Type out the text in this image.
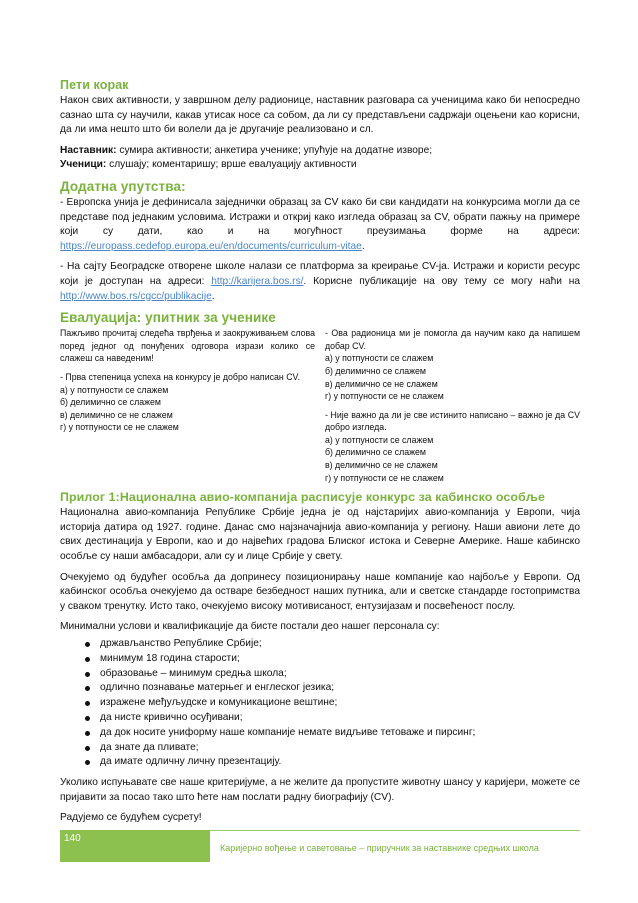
Пети корак

Након свих активности, у завршном делу радионице, наставник разговара са ученицима како би непосредно сазнао шта су научили, какав утисак носе са собом, да ли су представљени садржаји оцењени као корисни, да ли има нешто што би волели да је другачије реализовано и сл.

Наставник: сумира активности; анкетира ученике; упућује на додатне изворе;

Ученици: слушају; коментаришу; врше евалуацију активности

Додатна упутства:

- Европска унија је дефинисала заједнички образац за CV како би сви кандидати на конкурсима могли да се представе под једнаким условима. Истражи и откриј како изгледа образац за CV, обрати пажњу на примере који су дати, као и на могућност преузимања форме на адреси: https://europass.cedefop.europa.eu/en/documents/curriculum-vitae.

- На сајту Београдске отворене школе налази се платформа за креирање CV-ја. Истражи и користи ресурс који је доступан на адреси: http://karijera.bos.rs/. Корисне публикације на ову тему се могу наћи на http://www.bos.rs/cgcc/publikacije.

Евалуација: упитник за ученике

Пажљиво прочитај следећа тврђења и заокруживањем слова поред једног од понуђених одговора изрази колико се слажеш са наведеним!

- Прва степеница успеха на конкурсу је добро написан CV.
а) у потпуности се слажем
б) делимично се слажем
в) делимично се не слажем
г) у потпуности се не слажем

- Ова радионица ми је помогла да научим како да напишем добар CV.
а) у потпуности се слажем
б) делимично се слажем
в) делимично се не слажем
г) у потпуности се не слажем

- Није важно да ли је све истинито написано – важно је да CV добро изгледа.
а) у потпуности се слажем
б) делимично се слажем
в) делимично се не слажем
г) у потпуности се не слажем

Прилог 1:Национална авио-компанија расписује конкурс за кабинско особље

Национална авио-компанија Републике Србије једна је од најстаријих авио-компанија у Европи, чија историја датира од 1927. године. Данас смо најзначајнија авио-компанија у региону. Наши авиони лете до свих дестинација у Европи, као и до највећих градова Блиског истока и Северне Америке. Наше кабинско особље су наши амбасадори, али су и лице Србије у свету.

Очекујемо од будућег особља да допринесу позиционирању наше компаније као најбоље у Европи. Од кабинског особља очекујемо да остваре безбедност наших путника, али и светске стандарде гостопримства у сваком тренутку. Исто тако, очекујемо високу мотивисаност, ентузијазам и посвећеност послу.

Минимални услови и квалификације да бисте постали део нашег персонала су:

држављанство Републике Србије;
минимум 18 година старости;
образовање – минимум средња школа;
одлично познавање матерњег и енглеског језика;
изражене међуљудске и комуникационе вештине;
да нисте кривично осуђивани;
да док носите униформу наше компаније немате видљиве тетоваже и пирсинг;
да знате да пливате;
да имате одличну личну презентацију.

Уколико испуњавате све наше критеријуме, а не желите да пропустите животну шансу у каријери, можете се пријавити за посао тако што ћете нам послати радну биографију (CV).

Радујемо се будућем сусрету!

140
Каријерно вођење и саветовање – приручник за наставнике средњих школа
